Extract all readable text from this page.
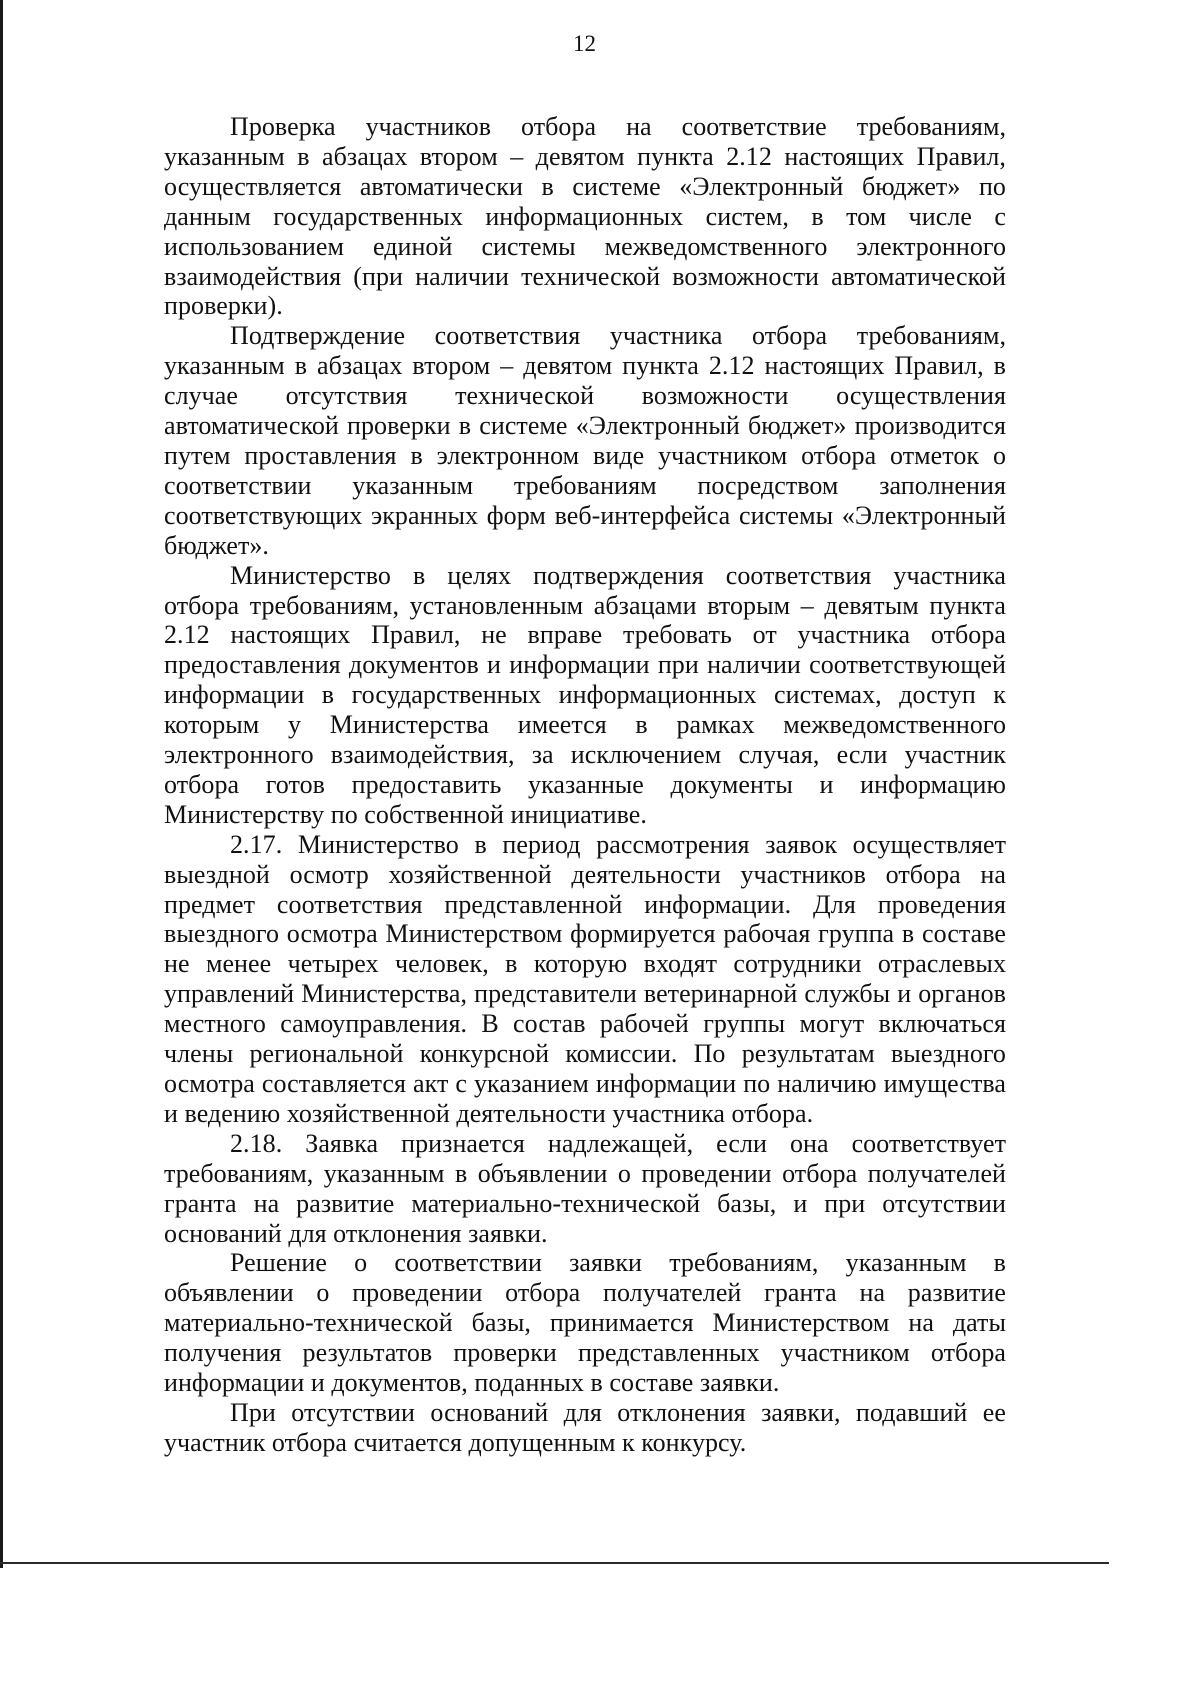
12

Проверка участников отбора на соответствие требованиям, указанным в абзацах втором – девятом пункта 2.12 настоящих Правил, осуществляется автоматически в системе «Электронный бюджет» по данным государственных информационных систем, в том числе с использованием единой системы межведомственного электронного взаимодействия (при наличии технической возможности автоматической проверки).

Подтверждение соответствия участника отбора требованиям, указанным в абзацах втором – девятом пункта 2.12 настоящих Правил, в случае отсутствия технической возможности осуществления автоматической проверки в системе «Электронный бюджет» производится путем проставления в электронном виде участником отбора отметок о соответствии указанным требованиям посредством заполнения соответствующих экранных форм веб-интерфейса системы «Электронный бюджет».

Министерство в целях подтверждения соответствия участника отбора требованиям, установленным абзацами вторым – девятым пункта 2.12 настоящих Правил, не вправе требовать от участника отбора предоставления документов и информации при наличии соответствующей информации в государственных информационных системах, доступ к которым у Министерства имеется в рамках межведомственного электронного взаимодействия, за исключением случая, если участник отбора готов предоставить указанные документы и информацию Министерству по собственной инициативе.

2.17. Министерство в период рассмотрения заявок осуществляет выездной осмотр хозяйственной деятельности участников отбора на предмет соответствия представленной информации. Для проведения выездного осмотра Министерством формируется рабочая группа в составе не менее четырех человек, в которую входят сотрудники отраслевых управлений Министерства, представители ветеринарной службы и органов местного самоуправления. В состав рабочей группы могут включаться члены региональной конкурсной комиссии. По результатам выездного осмотра составляется акт с указанием информации по наличию имущества и ведению хозяйственной деятельности участника отбора.

2.18. Заявка признается надлежащей, если она соответствует требованиям, указанным в объявлении о проведении отбора получателей гранта на развитие материально-технической базы, и при отсутствии оснований для отклонения заявки.

Решение о соответствии заявки требованиям, указанным в объявлении о проведении отбора получателей гранта на развитие материально-технической базы, принимается Министерством на даты получения результатов проверки представленных участником отбора информации и документов, поданных в составе заявки.

При отсутствии оснований для отклонения заявки, подавший ее участник отбора считается допущенным к конкурсу.
